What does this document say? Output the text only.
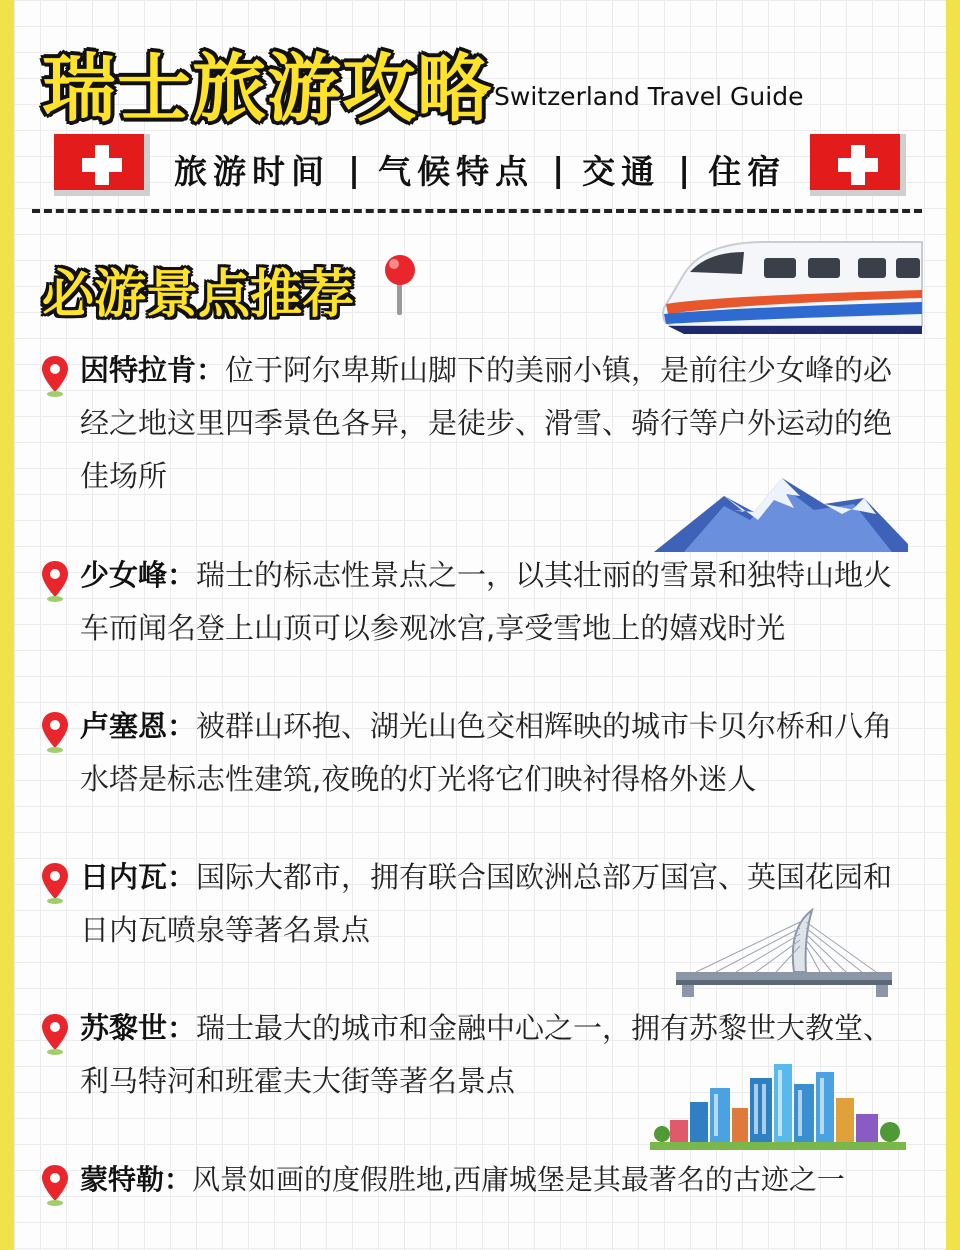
瑞士旅游攻略 Switzerland Travel Guide
旅游时间 | 气候特点 | 交通 | 住宿
必游景点推荐
因特拉肯：位于阿尔卑斯山脚下的美丽小镇，是前往少女峰的必经之地这里四季景色各异，是徒步、滑雪、骑行等户外运动的绝佳场所
少女峰：瑞士的标志性景点之一，以其壮丽的雪景和独特山地火车而闻名登上山顶可以参观冰宫,享受雪地上的嬉戏时光
卢塞恩：被群山环抱、湖光山色交相辉映的城市卡贝尔桥和八角水塔是标志性建筑,夜晚的灯光将它们映衬得格外迷人
日内瓦：国际大都市，拥有联合国欧洲总部万国宫、英国花园和日内瓦喷泉等著名景点
苏黎世：瑞士最大的城市和金融中心之一，拥有苏黎世大教堂、利马特河和班霍夫大街等著名景点
蒙特勒：风景如画的度假胜地,西庸城堡是其最著名的古迹之一
